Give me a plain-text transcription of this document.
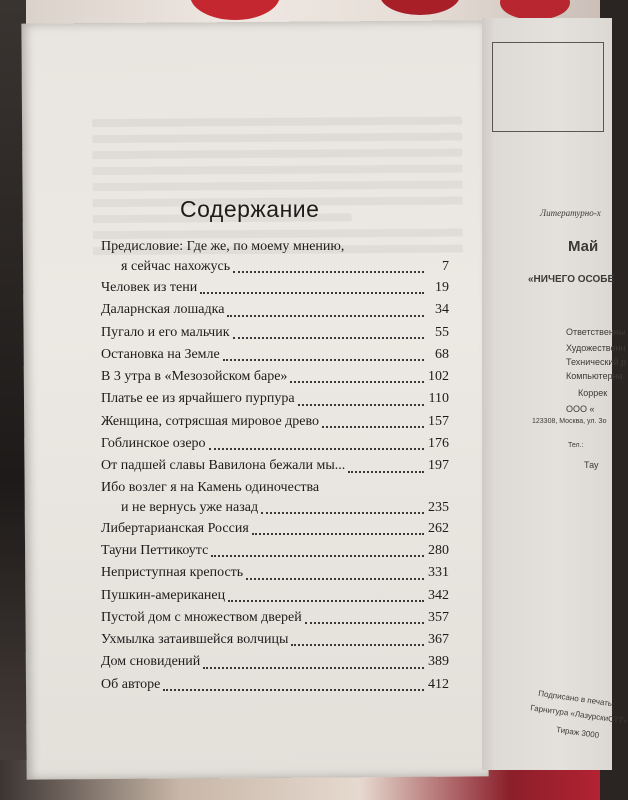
Содержание
Предисловие: Где же, по моему мнению,
я сейчас нахожусь	7
Человек из тени	19
Даларнская лошадка	34
Пугало и его мальчик	55
Остановка на Земле	68
В 3 утра в «Мезозойском баре»	102
Платье ее из ярчайшего пурпура	110
Женщина, сотрясшая мировое древо	157
Гоблинское озеро	176
От падшей славы Вавилона бежали мы...	197
Ибо возлег я на Камень одиночества
и не вернусь уже назад	235
Либертарианская Россия	262
Тауни Петтикоутс	280
Неприступная крепость	331
Пушкин-американец	342
Пустой дом с множеством дверей	357
Ухмылка затаившейся волчицы	367
Дом сновидений	389
Об авторе	412
Литературно-х
Май
«НИЧЕГО ОСОБЕ
Ответственны
Художественн
Технический р
Компьютерна
Коррек
ООО «
123308, Москва, ул. Зо
Тел.:
Тау
Подписано в печать
Гарнитура «ЛазурскиСТТ»
Тираж 3000
